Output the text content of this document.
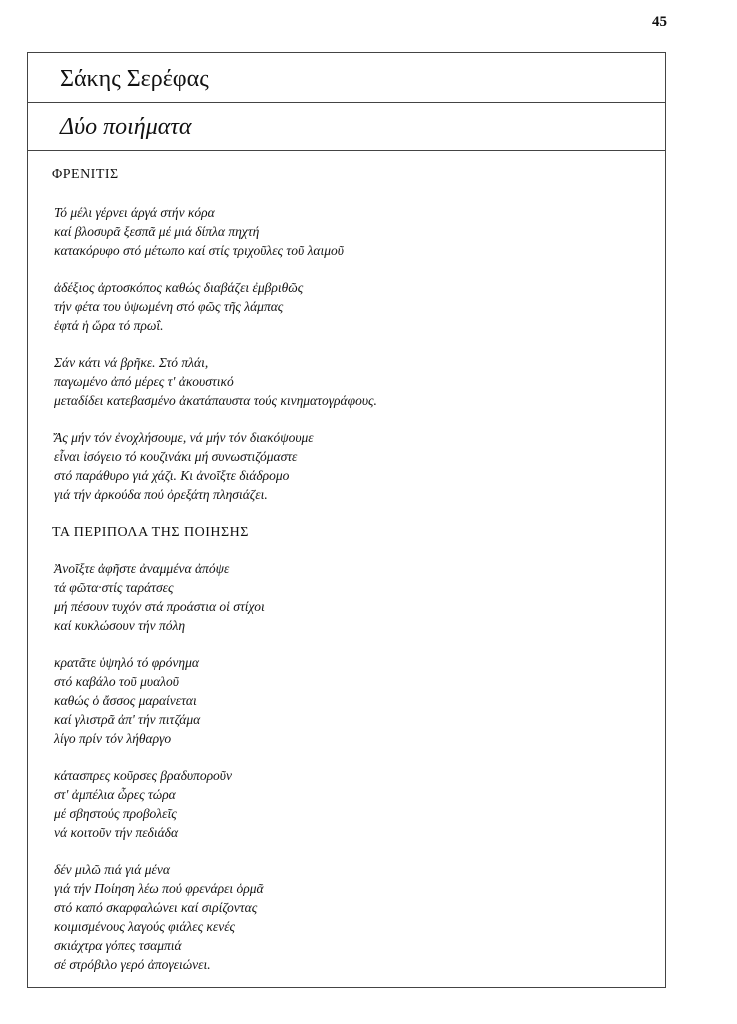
45
Σάκης Σερέφας
Δύο ποιήματα
ΦΡΕΝΙΤΙΣ
Τό μέλι γέρνει άργά στήν κόρα
καί βλοσυρᾶ ξεσπᾶ μέ μιά δίπλα πηχτή
κατακόρυφο στό μέτωπο καί στίς τριχοῦλες τοῦ λαιμοῦ
ἀδέξιος ἀρτοσκόπος καθώς διαβάζει ἐμβριθῶς
τήν φέτα του ὑψωμένη στό φῶς τῆς λάμπας
ἑφτά ἡ ὥρα τό πρωΐ.
Σάν κάτι νά βρῆκε. Στό πλάι,
παγωμένο ἀπό μέρες τ' ἀκουστικό
μεταδίδει κατεβασμένο ἀκατάπαυστα τούς κινηματογράφους.
Ἄς μήν τόν ἐνοχλήσουμε, νά μήν τόν διακόψουμε
εἶναι ἰσόγειο τό κουζινάκι μή συνωστιζόμαστε
στό παράθυρο γιά χάζι. Κι ἀνοῖξτε διάδρομο
γιά τήν ἀρκούδα πού ὀρεξάτη πλησιάζει.
ΤΑ ΠΕΡΙΠΟΛΑ ΤΗΣ ΠΟΙΗΣΗΣ
Ἀνοῖξτε ἀφῆστε ἀναμμένα ἀπόψε
τά φῶτα·στίς ταράτσες
μή πέσουν τυχόν στά προάστια οἱ στίχοι
καί κυκλώσουν τήν πόλη
κρατᾶτε ὑψηλό τό φρόνημα
στό καβάλο τοῦ μυαλοῦ
καθώς ὁ ἄσσος μαραίνεται
καί γλιστρᾶ ἀπ' τήν πιτζάμα
λίγο πρίν τόν λήθαργο
κάτασπρες κοῦρσες βραδυποροῦν
στ' ἀμπέλια ὧρες τώρα
μέ σβηστούς προβολεῖς
νά κοιτοῦν τήν πεδιάδα
δέν μιλῶ πιά γιά μένα
γιά τήν Ποίηση λέω πού φρενάρει ὁρμᾶ
στό καπό σκαρφαλώνει καί σιρίζοντας
κοιμισμένους λαγούς φιάλες κενές
σκιάχτρα γόπες τσαμπιά
σέ στρόβιλο γερό ἀπογειώνει.
